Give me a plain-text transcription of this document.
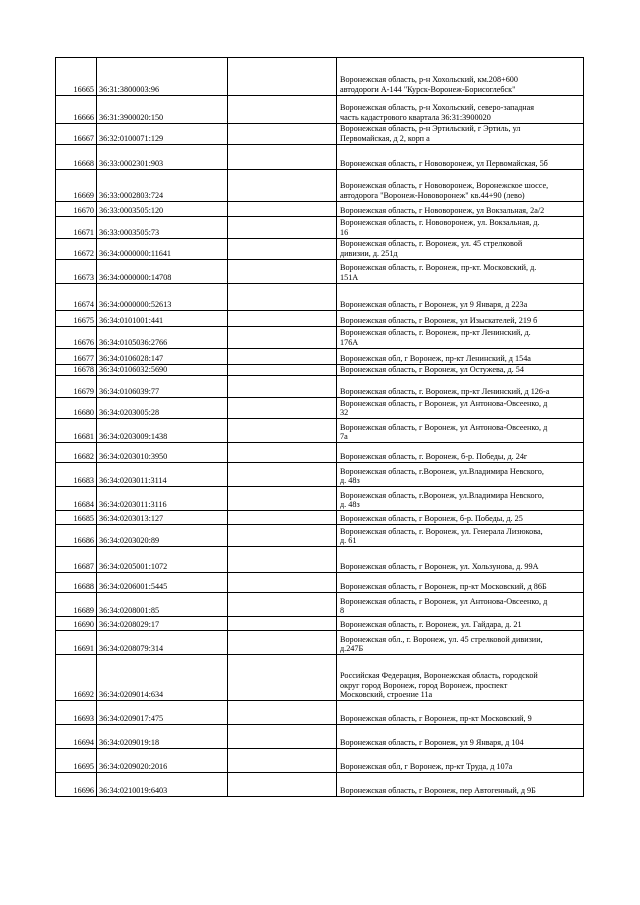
16665	36:31:3800003:96		Воронежская область, р-н Хохольский, км.208+600
автодороги А-144 "Курск-Воронеж-Борисоглебск"
16666	36:31:3900020:150		Воронежская область, р-н Хохольский, северо-западная
часть кадастрового квартала 36:31:3900020
16667	36:32:0100071:129		Воронежская область, р-н Эртильский, г Эртиль, ул
Первомайская, д 2, корп а
16668	36:33:0002301:903		Воронежская область, г Нововоронеж, ул Первомайская, 5б
16669	36:33:0002803:724		Воронежская область, г Нововоронеж, Воронежское шоссе,
автодорога "Воронеж-Нововоронеж" кв.44+90 (лево)
16670	36:33:0003505:120		Воронежская область, г Нововоронеж, ул Вокзальная, 2а/2
16671	36:33:0003505:73		Воронежская область, г. Нововоронеж, ул. Вокзальная, д.
16
16672	36:34:0000000:11641		Воронежская область, г. Воронеж, ул. 45 стрелковой
дивизии, д. 251д
16673	36:34:0000000:14708		Воронежская область, г. Воронеж, пр-кт. Московский, д.
151А
16674	36:34:0000000:52613		Воронежская область, г Воронеж, ул 9 Января, д 223а
16675	36:34:0101001:441		Воронежская область, г Воронеж, ул Изыскателей, 219 б
16676	36:34:0105036:2766		Воронежская область, г. Воронеж, пр-кт Ленинский, д.
176А
16677	36:34:0106028:147		Воронежская обл, г Воронеж, пр-кт Ленинский, д 154а
16678	36:34:0106032:5690		Воронежская область, г Воронеж, ул Остужева, д. 54
16679	36:34:0106039:77		Воронежская область, г. Воронеж, пр-кт Ленинский, д 126-а
16680	36:34:0203005:28		Воронежская область, г Воронеж, ул Антонова-Овсеенко, д
32
16681	36:34:0203009:1438		Воронежская область, г Воронеж, ул Антонова-Овсеенко, д
7а
16682	36:34:0203010:3950		Воронежская область, г. Воронеж, б-р. Победы, д. 24г
16683	36:34:0203011:3114		Воронежская область, г.Воронеж, ул.Владимира Невского,
д. 48з
16684	36:34:0203011:3116		Воронежская область, г.Воронеж, ул.Владимира Невского,
д. 48з
16685	36:34:0203013:127		Воронежская область, г Воронеж, б-р. Победы, д. 25
16686	36:34:0203020:89		Воронежская область, г. Воронеж, ул. Генерала Лизюкова,
д. 61
16687	36:34:0205001:1072		Воронежская область, г Воронеж, ул. Хользунова, д. 99А
16688	36:34:0206001:5445		Воронежская область, г Воронеж, пр-кт Московский, д 86Б
16689	36:34:0208001:85		Воронежская область, г Воронеж, ул Антонова-Овсеенко, д
8
16690	36:34:0208029:17		Воронежская область, г. Воронеж, ул. Гайдара, д. 21
16691	36:34:0208079:314		Воронежская обл., г. Воронеж, ул. 45 стрелковой дивизии,
д.247Б
16692	36:34:0209014:634		Российская Федерация, Воронежская область, городской
округ город Воронеж, город Воронеж, проспект
Московский, строение 11а
16693	36:34:0209017:475		Воронежская область, г Воронеж, пр-кт Московский, 9
16694	36:34:0209019:18		Воронежская область, г Воронеж, ул 9 Января, д 104
16695	36:34:0209020:2016		Воронежская обл, г Воронеж, пр-кт Труда, д 107а
16696	36:34:0210019:6403		Воронежская область, г Воронеж, пер Автогенный, д 9Б
